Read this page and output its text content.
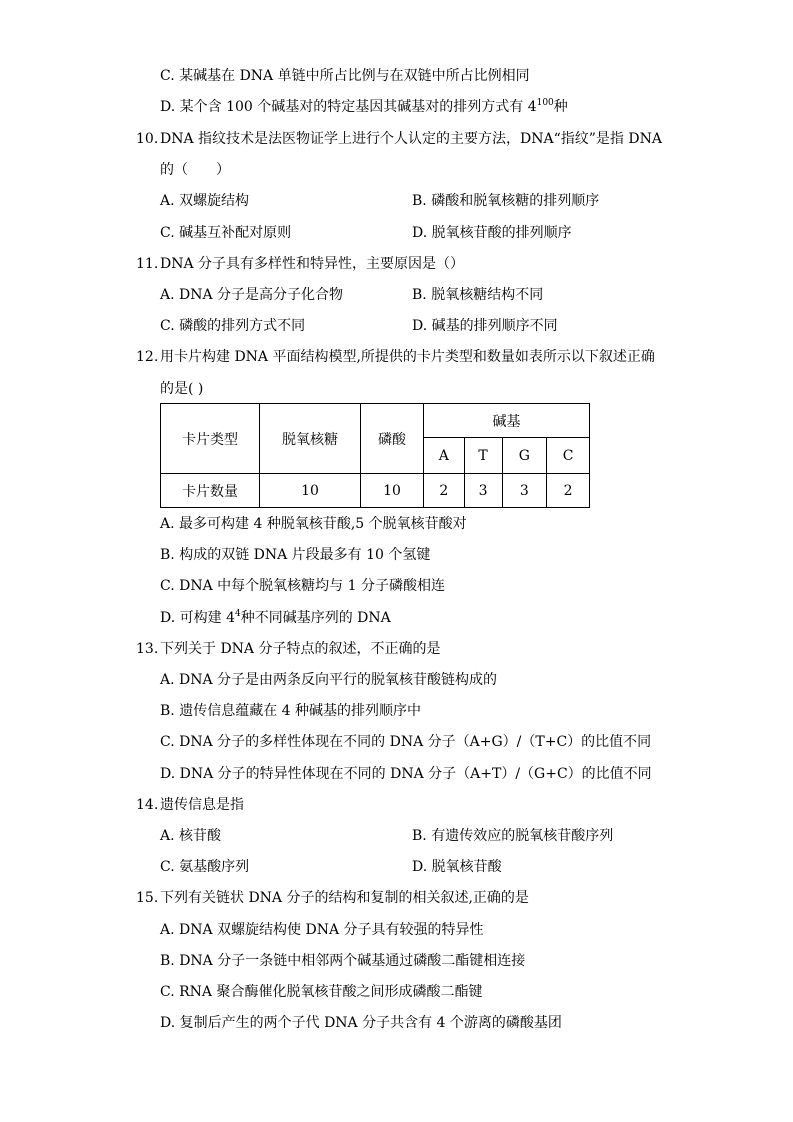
C. 某碱基在 DNA 单链中所占比例与在双链中所占比例相同
D. 某个含 100 个碱基对的特定基因其碱基对的排列方式有 $4^{100}$种
10. DNA 指纹技术是法医物证学上进行个人认定的主要方法，DNA“指纹”是指 DNA
的（　　）
A. 双螺旋结构	B. 磷酸和脱氧核糖的排列顺序
C. 碱基互补配对原则	D. 脱氧核苷酸的排列顺序
11. DNA 分子具有多样性和特异性，主要原因是（）
A. DNA 分子是高分子化合物	B. 脱氧核糖结构不同
C. 磷酸的排列方式不同	D. 碱基的排列顺序不同
12. 用卡片构建 DNA 平面结构模型,所提供的卡片类型和数量如表所示以下叙述正确
的是( )
卡片类型	脱氧核糖	磷酸	碱基			
			A	T	G	C
卡片数量	10	10	2	3	3	2
A. 最多可构建 4 种脱氧核苷酸,5 个脱氧核苷酸对
B. 构成的双链 DNA 片段最多有 10 个氢键
C. DNA 中每个脱氧核糖均与 1 分子磷酸相连
D. 可构建 $4^4$种不同碱基序列的 DNA
13. 下列关于 DNA 分子特点的叙述，不正确的是
A. DNA 分子是由两条反向平行的脱氧核苷酸链构成的
B. 遗传信息蕴藏在 4 种碱基的排列顺序中
C. DNA 分子的多样性体现在不同的 DNA 分子（A+G）/（T+C）的比值不同
D. DNA 分子的特异性体现在不同的 DNA 分子（A+T）/（G+C）的比值不同
14. 遗传信息是指
A. 核苷酸	B. 有遗传效应的脱氧核苷酸序列
C. 氨基酸序列	D. 脱氧核苷酸
15. 下列有关链状 DNA 分子的结构和复制的相关叙述,正确的是
A. DNA 双螺旋结构使 DNA 分子具有较强的特异性
B. DNA 分子一条链中相邻两个碱基通过磷酸二酯键相连接
C. RNA 聚合酶催化脱氧核苷酸之间形成磷酸二酯键
D. 复制后产生的两个子代 DNA 分子共含有 4 个游离的磷酸基团
